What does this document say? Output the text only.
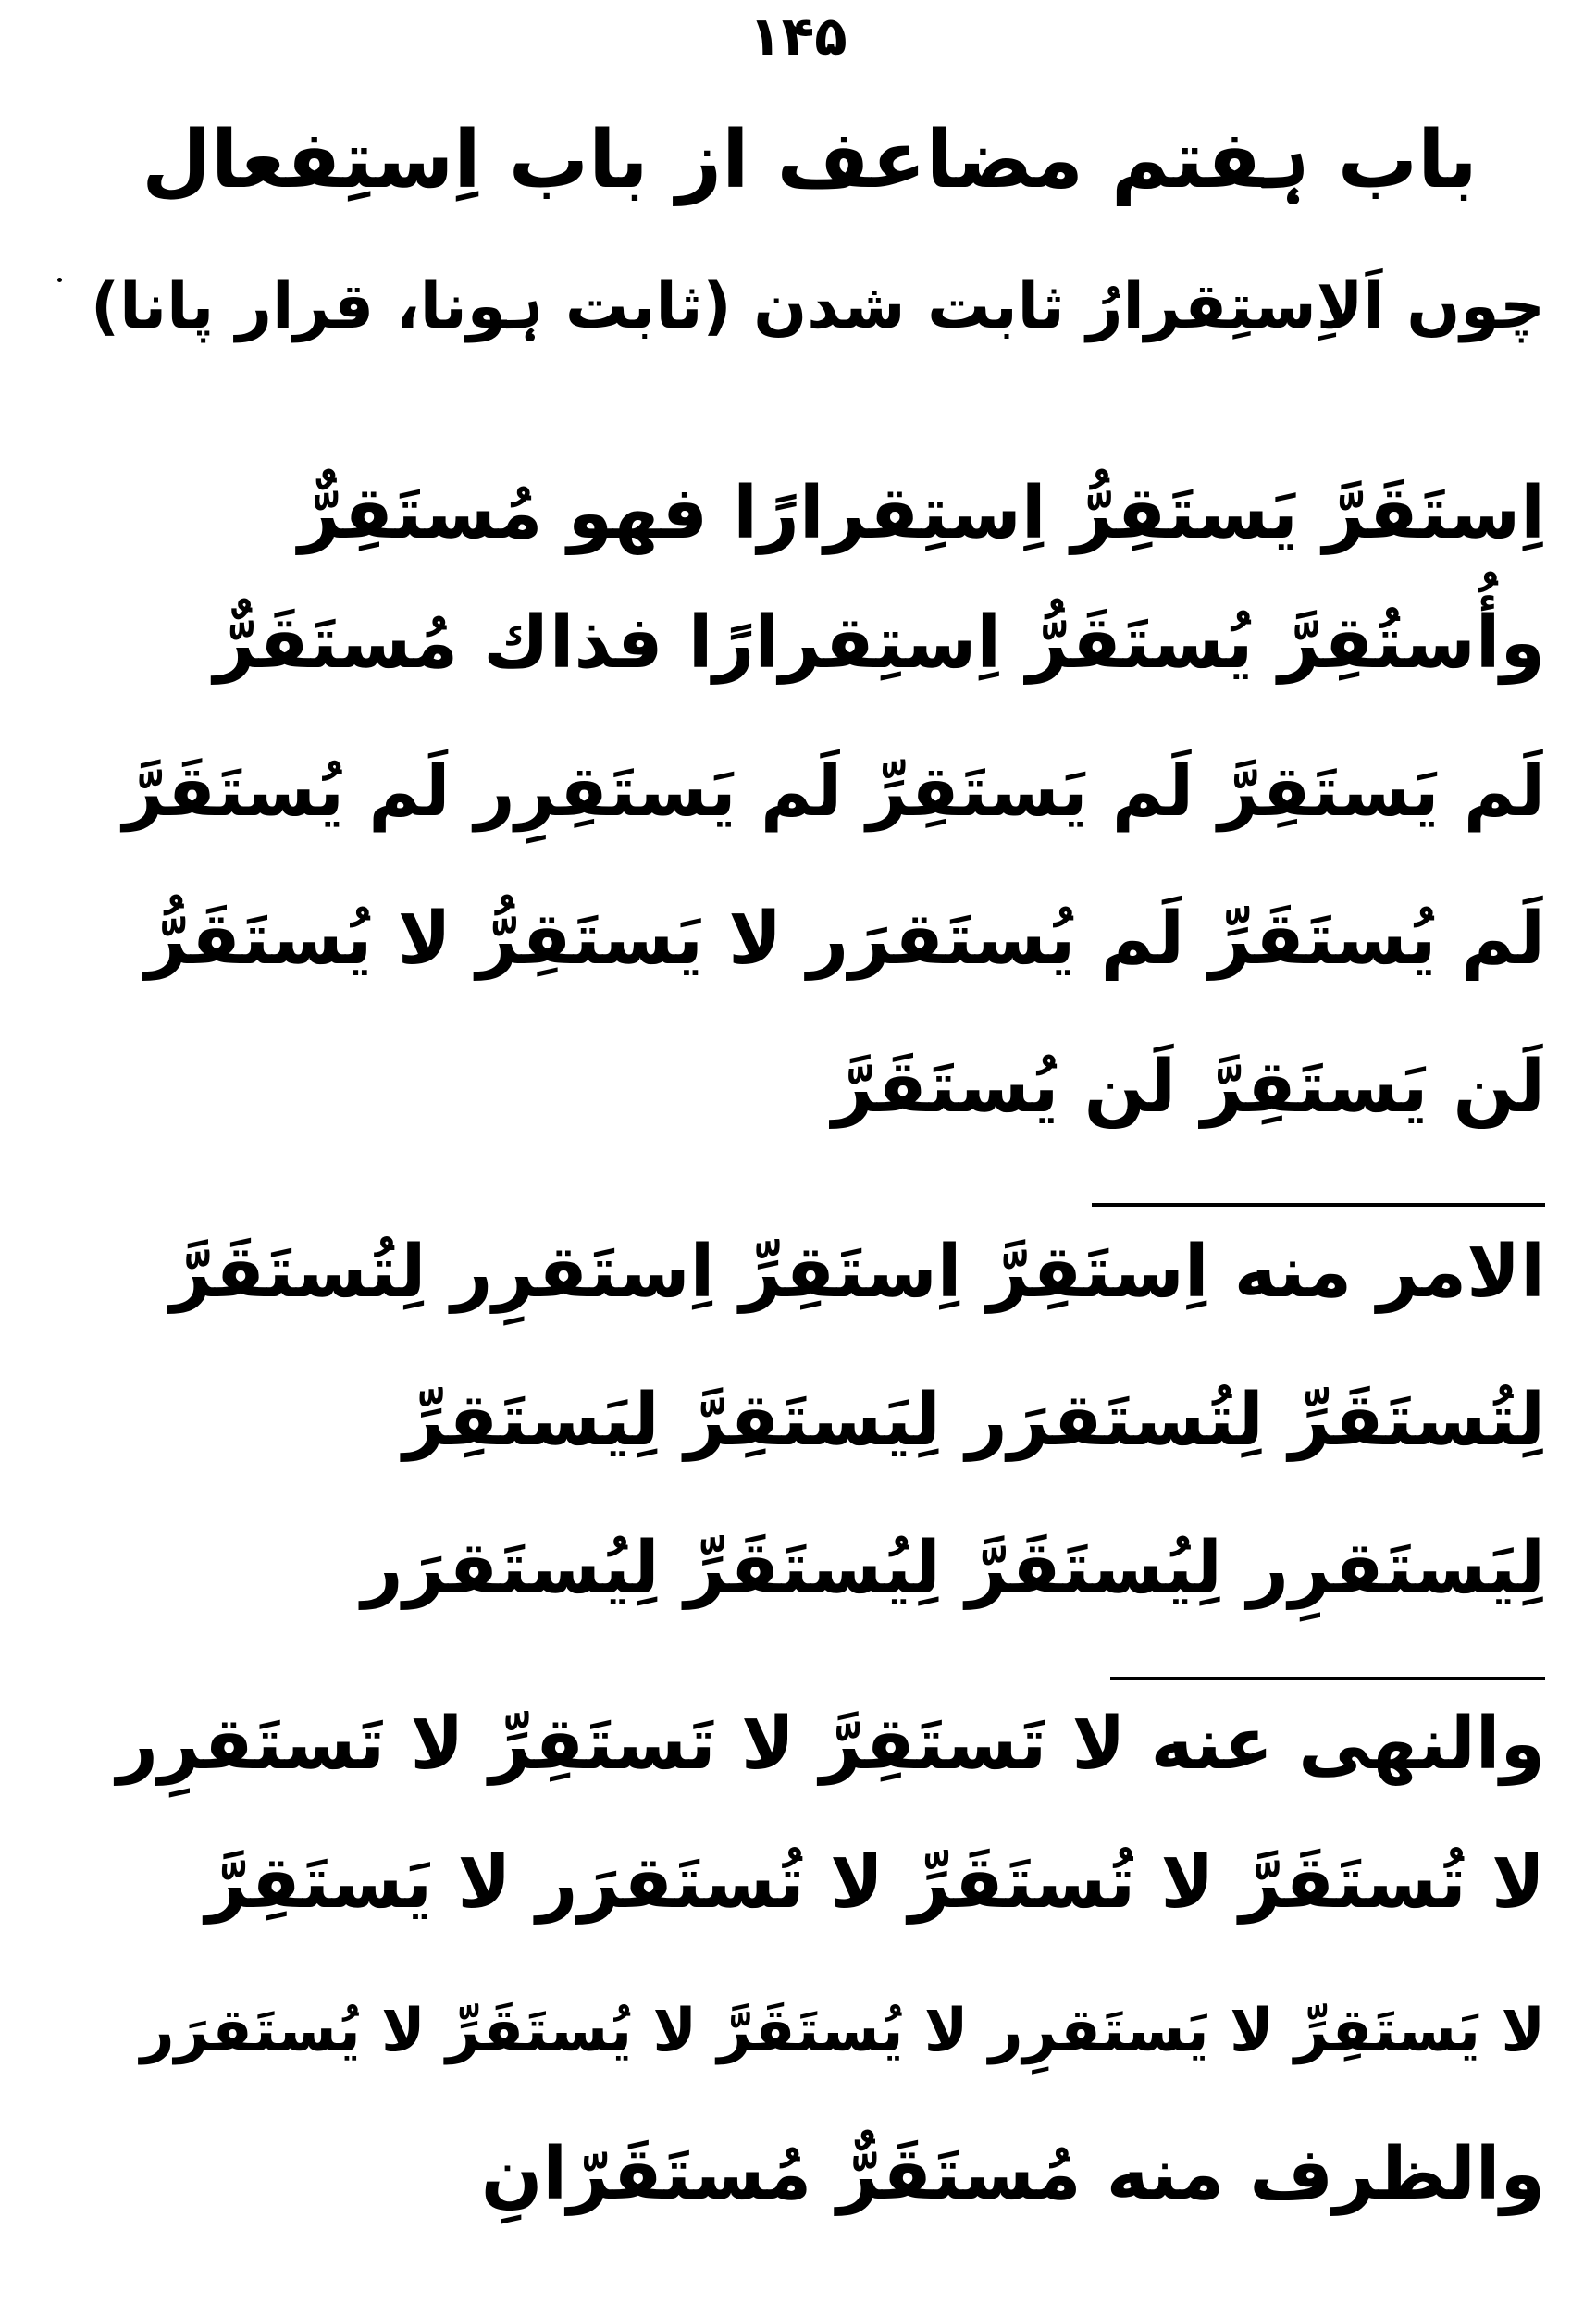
۱۴۵
باب ہفتم مضاعف از باب اِستِفعال
چوں اَلاِستِقرارُ ثابت شدن (ثابت ہونا، قرار پانا)
اِستَقَرَّ یَستَقِرُّ اِستِقرارًا فهو مُستَقِرٌّ
وأُستُقِرَّ یُستَقَرُّ اِستِقرارًا فذاك مُستَقَرٌّ
لَم یَستَقِرَّ لَم یَستَقِرِّ لَم یَستَقِرِر لَم یُستَقَرَّ
لَم یُستَقَرِّ لَم یُستَقرَر لا یَستَقِرُّ لا یُستَقَرُّ
لَن یَستَقِرَّ لَن یُستَقَرَّ
الامر منه اِستَقِرَّ اِستَقِرِّ اِستَقرِر لِتُستَقَرَّ
لِتُستَقَرِّ لِتُستَقرَر لِیَستَقِرَّ لِیَستَقِرِّ
لِیَستَقرِر لِیُستَقَرَّ لِیُستَقَرِّ لِیُستَقرَر
والنهی عنه لا تَستَقِرَّ لا تَستَقِرِّ لا تَستَقرِر
لا تُستَقَرَّ لا تُستَقَرِّ لا تُستَقرَر لا یَستَقِرَّ
لا یَستَقِرِّ لا یَستَقرِر لا یُستَقَرَّ لا یُستَقَرِّ لا یُستَقرَر
والظرف منه مُستَقَرٌّ مُستَقَرّانِ
